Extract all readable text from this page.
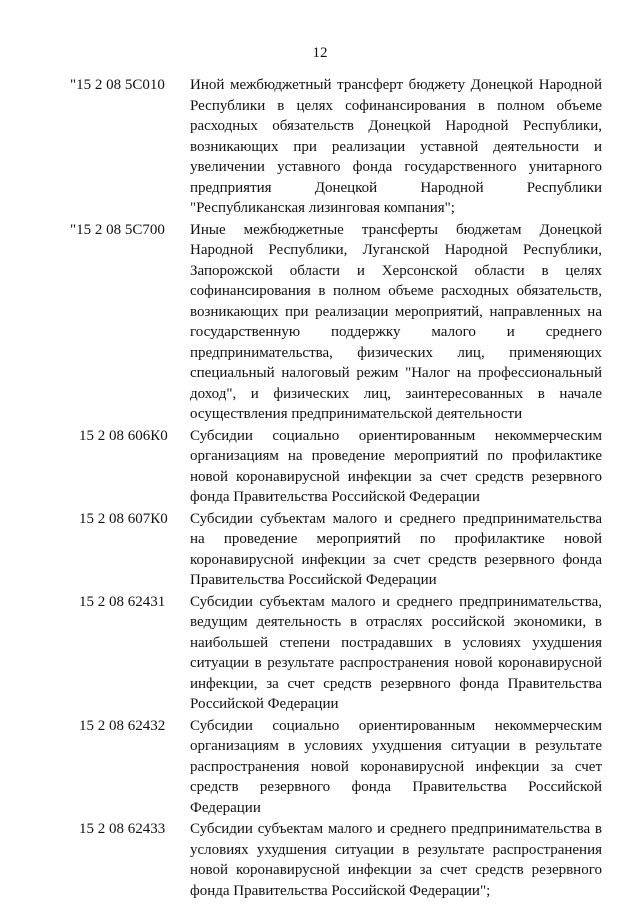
12
"15 2 08 5С010	Иной межбюджетный трансферт бюджету Донецкой Народной Республики в целях софинансирования в полном объеме расходных обязательств Донецкой Народной Республики, возникающих при реализации уставной деятельности и увеличении уставного фонда государственного унитарного предприятия Донецкой Народной Республики "Республиканская лизинговая компания";
"15 2 08 5С700	Иные межбюджетные трансферты бюджетам Донецкой Народной Республики, Луганской Народной Республики, Запорожской области и Херсонской области в целях софинансирования в полном объеме расходных обязательств, возникающих при реализации мероприятий, направленных на государственную поддержку малого и среднего предпринимательства, физических лиц, применяющих специальный налоговый режим "Налог на профессиональный доход", и физических лиц, заинтересованных в начале осуществления предпринимательской деятельности
15 2 08 606К0	Субсидии социально ориентированным некоммерческим организациям на проведение мероприятий по профилактике новой коронавирусной инфекции за счет средств резервного фонда Правительства Российской Федерации
15 2 08 607К0	Субсидии субъектам малого и среднего предпринимательства на проведение мероприятий по профилактике новой коронавирусной инфекции за счет средств резервного фонда Правительства Российской Федерации
15 2 08 62431	Субсидии субъектам малого и среднего предпринимательства, ведущим деятельность в отраслях российской экономики, в наибольшей степени пострадавших в условиях ухудшения ситуации в результате распространения новой коронавирусной инфекции, за счет средств резервного фонда Правительства Российской Федерации
15 2 08 62432	Субсидии социально ориентированным некоммерческим организациям в условиях ухудшения ситуации в результате распространения новой коронавирусной инфекции за счет средств резервного фонда Правительства Российской Федерации
15 2 08 62433	Субсидии субъектам малого и среднего предпринимательства в условиях ухудшения ситуации в результате распространения новой коронавирусной инфекции за счет средств резервного фонда Правительства Российской Федерации";
